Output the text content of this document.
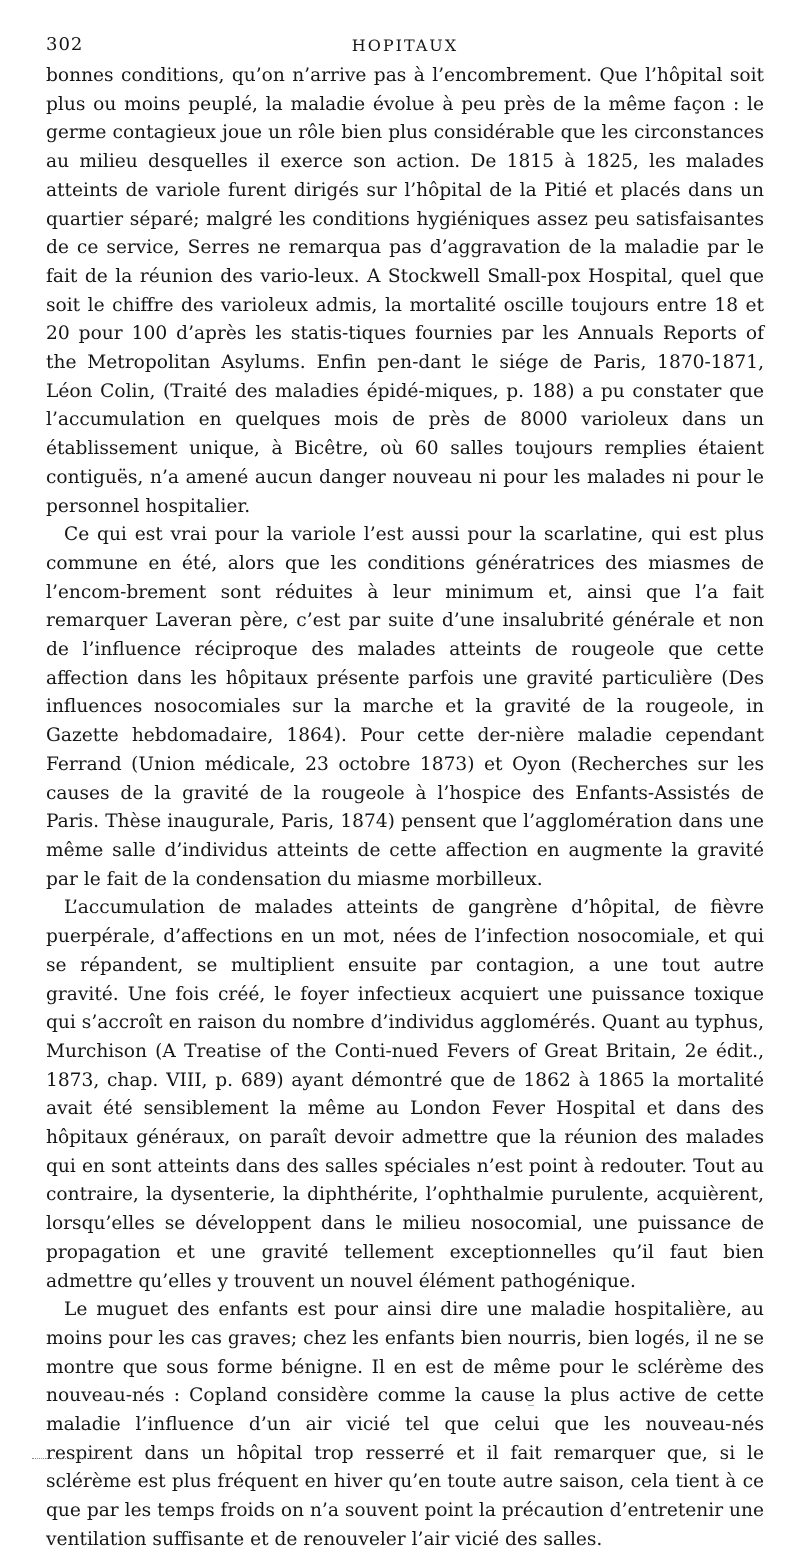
302	HOPITAUX

bonnes conditions, qu’on n’arrive pas à l’encombrement. Que l’hôpital soit plus ou moins peuplé, la maladie évolue à peu près de la même façon : le germe contagieux joue un rôle bien plus considérable que les circonstances au milieu desquelles il exerce son action. De 1815 à 1825, les malades atteints de variole furent dirigés sur l’hôpital de la Pitié et placés dans un quartier séparé; malgré les conditions hygiéniques assez peu satisfaisantes de ce service, Serres ne remarqua pas d’aggravation de la maladie par le fait de la réunion des vario-leux. A Stockwell Small-pox Hospital, quel que soit le chiffre des varioleux admis, la mortalité oscille toujours entre 18 et 20 pour 100 d’après les statis-tiques fournies par les Annuals Reports of the Metropolitan Asylums. Enfin pen-dant le siége de Paris, 1870-1871, Léon Colin, (Traité des maladies épidé-miques, p. 188) a pu constater que l’accumulation en quelques mois de près de 8000 varioleux dans un établissement unique, à Bicêtre, où 60 salles toujours remplies étaient contiguës, n’a amené aucun danger nouveau ni pour les malades ni pour le personnel hospitalier.

Ce qui est vrai pour la variole l’est aussi pour la scarlatine, qui est plus commune en été, alors que les conditions génératrices des miasmes de l’encom-brement sont réduites à leur minimum et, ainsi que l’a fait remarquer Laveran père, c’est par suite d’une insalubrité générale et non de l’influence réciproque des malades atteints de rougeole que cette affection dans les hôpitaux présente parfois une gravité particulière (Des influences nosocomiales sur la marche et la gravité de la rougeole, in Gazette hebdomadaire, 1864). Pour cette der-nière maladie cependant Ferrand (Union médicale, 23 octobre 1873) et Oyon (Recherches sur les causes de la gravité de la rougeole à l’hospice des Enfants-Assistés de Paris. Thèse inaugurale, Paris, 1874) pensent que l’agglomération dans une même salle d’individus atteints de cette affection en augmente la gravité par le fait de la condensation du miasme morbilleux.

L’accumulation de malades atteints de gangrène d’hôpital, de fièvre puerpérale, d’affections en un mot, nées de l’infection nosocomiale, et qui se répandent, se multiplient ensuite par contagion, a une tout autre gravité. Une fois créé, le foyer infectieux acquiert une puissance toxique qui s’accroît en raison du nombre d’individus agglomérés. Quant au typhus, Murchison (A Treatise of the Conti-nued Fevers of Great Britain, 2e édit., 1873, chap. VIII, p. 689) ayant démontré que de 1862 à 1865 la mortalité avait été sensiblement la même au London Fever Hospital et dans des hôpitaux généraux, on paraît devoir admettre que la réunion des malades qui en sont atteints dans des salles spéciales n’est point à redouter. Tout au contraire, la dysenterie, la diphthérite, l’ophthalmie purulente, acquièrent, lorsqu’elles se développent dans le milieu nosocomial, une puissance de propagation et une gravité tellement exceptionnelles qu’il faut bien admettre qu’elles y trouvent un nouvel élément pathogénique.

Le muguet des enfants est pour ainsi dire une maladie hospitalière, au moins pour les cas graves; chez les enfants bien nourris, bien logés, il ne se montre que sous forme bénigne. Il en est de même pour le sclérème des nouveau-nés : Copland considère comme la cause la plus active de cette maladie l’influence d’un air vicié tel que celui que les nouveau-nés respirent dans un hôpital trop resserré et il fait remarquer que, si le sclérème est plus fréquent en hiver qu’en toute autre saison, cela tient à ce que par les temps froids on n’a souvent point la précaution d’entretenir une ventilation suffisante et de renouveler l’air vicié des salles.
